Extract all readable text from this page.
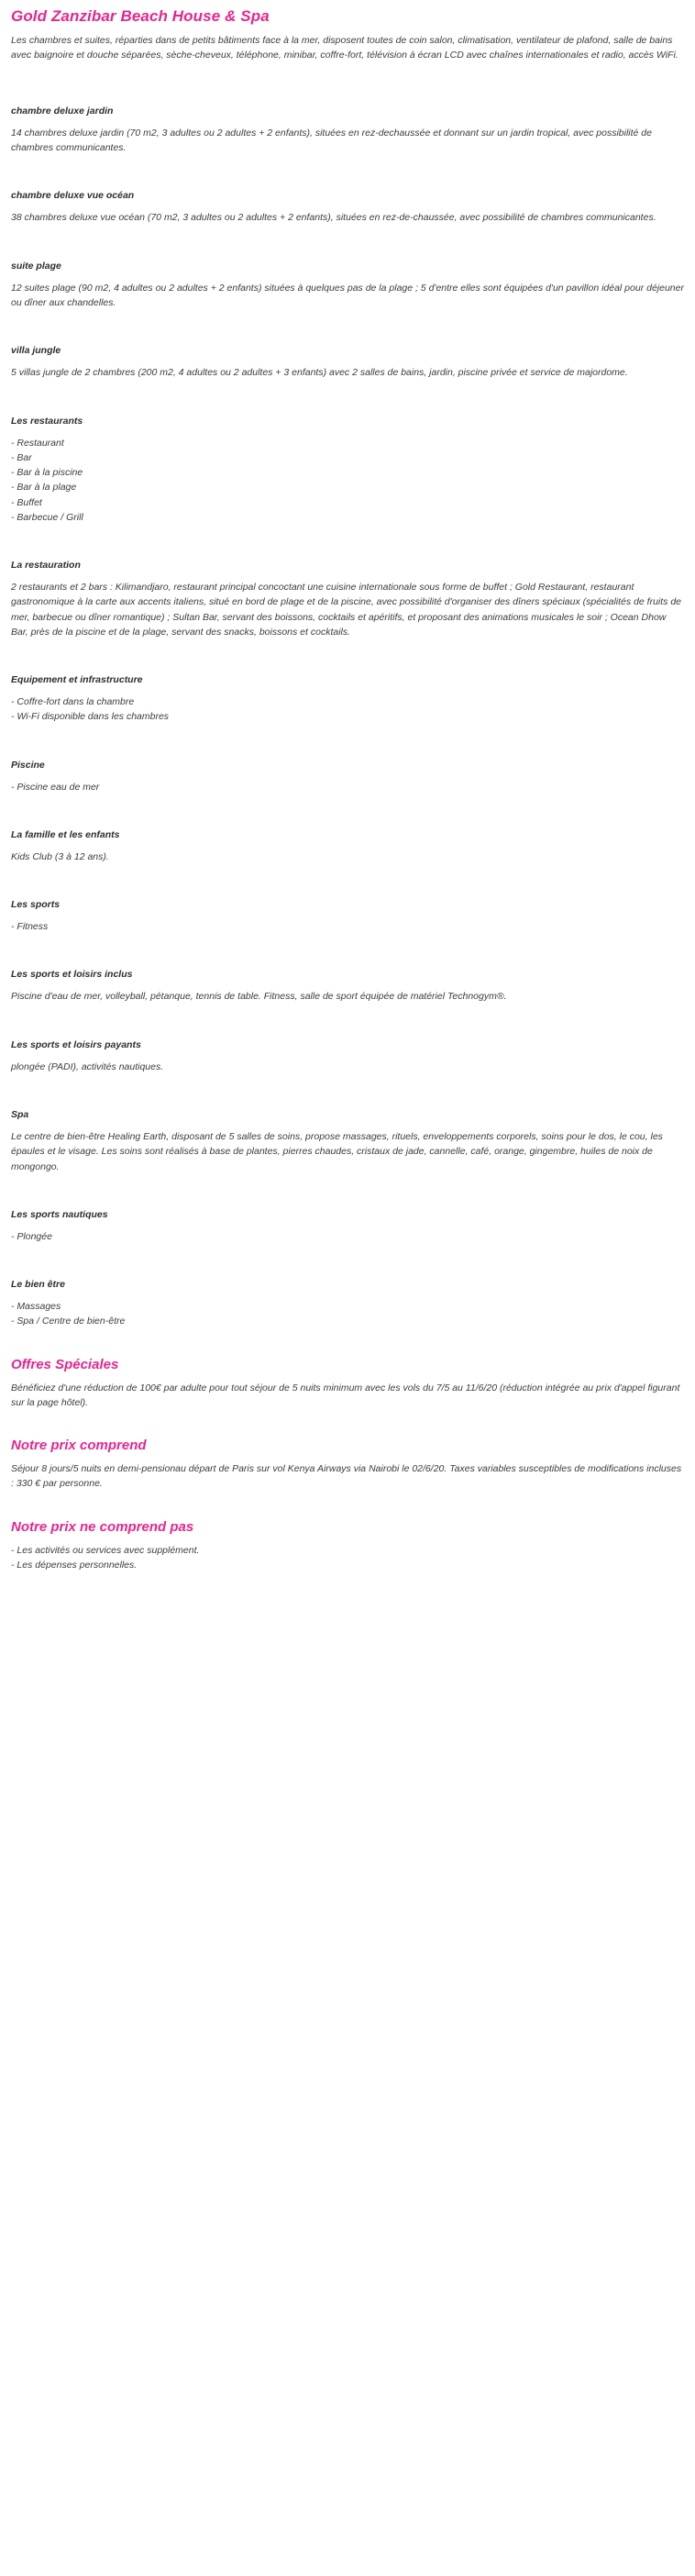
Gold Zanzibar Beach House & Spa

Les chambres et suites, réparties dans de petits bâtiments face à la mer, disposent toutes de coin salon, climatisation, ventilateur de plafond, salle de bains avec baignoire et douche séparées, sèche-cheveux, téléphone, minibar, coffre-fort, télévision à écran LCD avec chaînes internationales et radio, accès WiFi.

chambre deluxe jardin

14 chambres deluxe jardin (70 m2, 3 adultes ou 2 adultes + 2 enfants), situées en rez-dechaussée et donnant sur un jardin tropical, avec possibilité de chambres communicantes.

chambre deluxe vue océan

38 chambres deluxe vue océan (70 m2, 3 adultes ou 2 adultes + 2 enfants), situées en rez-de-chaussée, avec possibilité de chambres communicantes.

suite plage

12 suites plage (90 m2, 4 adultes ou 2 adultes + 2 enfants) situées à quelques pas de la plage ; 5 d'entre elles sont équipées d'un pavillon idéal pour déjeuner ou dîner aux chandelles.

villa jungle

5 villas jungle de 2 chambres (200 m2, 4 adultes ou 2 adultes + 3 enfants) avec 2 salles de bains, jardin, piscine privée et service de majordome.

Les restaurants

- Restaurant
- Bar
- Bar à la piscine
- Bar à la plage
- Buffet
- Barbecue / Grill

La restauration

2 restaurants et 2 bars : Kilimandjaro, restaurant principal concoctant une cuisine internationale sous forme de buffet ; Gold Restaurant, restaurant gastronomique à la carte aux accents italiens, situé en bord de plage et de la piscine, avec possibilité d'organiser des dîners spéciaux (spécialités de fruits de mer, barbecue ou dîner romantique) ; Sultan Bar, servant des boissons, cocktails et apéritifs, et proposant des animations musicales le soir ; Ocean Dhow Bar, près de la piscine et de la plage, servant des snacks, boissons et cocktails.

Equipement et infrastructure

- Coffre-fort dans la chambre
- Wi-Fi disponible dans les chambres

Piscine

- Piscine eau de mer

La famille et les enfants

Kids Club (3 à 12 ans).

Les sports

- Fitness

Les sports et loisirs inclus

Piscine d'eau de mer, volleyball, pétanque, tennis de table. Fitness, salle de sport équipée de matériel Technogym®.

Les sports et loisirs payants

plongée (PADI), activités nautiques.

Spa

Le centre de bien-être Healing Earth, disposant de 5 salles de soins, propose massages, rituels, enveloppements corporels, soins pour le dos, le cou, les épaules et le visage. Les soins sont réalisés à base de plantes, pierres chaudes, cristaux de jade, cannelle, café, orange, gingembre, huiles de noix de mongongo.

Les sports nautiques

- Plongée

Le bien être

- Massages
- Spa / Centre de bien-être

Offres Spéciales

Bénéficiez d'une réduction de 100€ par adulte pour tout séjour de 5 nuits minimum avec les vols du 7/5 au 11/6/20 (réduction intégrée au prix d'appel figurant sur la page hôtel).

Notre prix comprend

Séjour 8 jours/5 nuits en demi-pensionau départ de Paris sur vol Kenya Airways via Nairobi le 02/6/20. Taxes variables susceptibles de modifications incluses : 330 € par personne.

Notre prix ne comprend pas

- Les activités ou services avec supplément.
- Les dépenses personnelles.
